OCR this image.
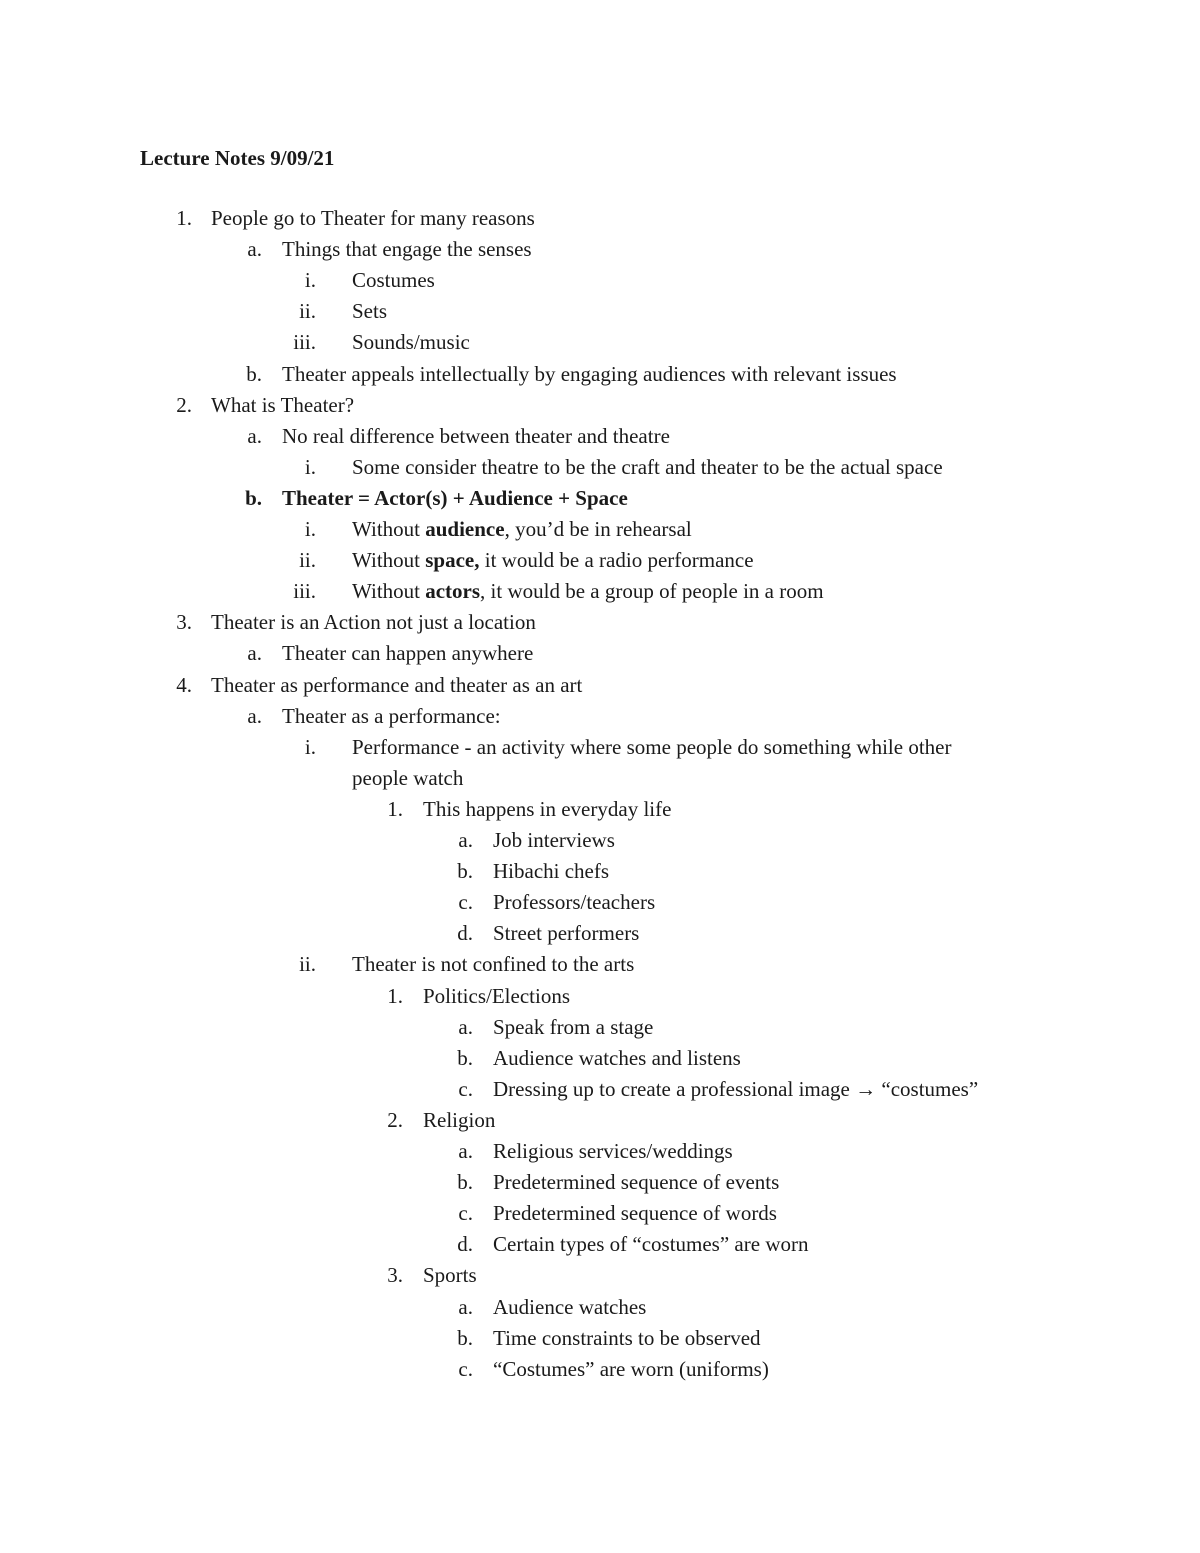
Lecture Notes 9/09/21
1. People go to Theater for many reasons
a. Things that engage the senses
i. Costumes
ii. Sets
iii. Sounds/music
b. Theater appeals intellectually by engaging audiences with relevant issues
2. What is Theater?
a. No real difference between theater and theatre
i. Some consider theatre to be the craft and theater to be the actual space
b. Theater = Actor(s) + Audience + Space
i. Without audience, you’d be in rehearsal
ii. Without space, it would be a radio performance
iii. Without actors, it would be a group of people in a room
3. Theater is an Action not just a location
a. Theater can happen anywhere
4. Theater as performance and theater as an art
a. Theater as a performance:
i. Performance - an activity where some people do something while other
people watch
1. This happens in everyday life
a. Job interviews
b. Hibachi chefs
c. Professors/teachers
d. Street performers
ii. Theater is not confined to the arts
1. Politics/Elections
a. Speak from a stage
b. Audience watches and listens
c. Dressing up to create a professional image → “costumes”
2. Religion
a. Religious services/weddings
b. Predetermined sequence of events
c. Predetermined sequence of words
d. Certain types of “costumes” are worn
3. Sports
a. Audience watches
b. Time constraints to be observed
c. “Costumes” are worn (uniforms)
